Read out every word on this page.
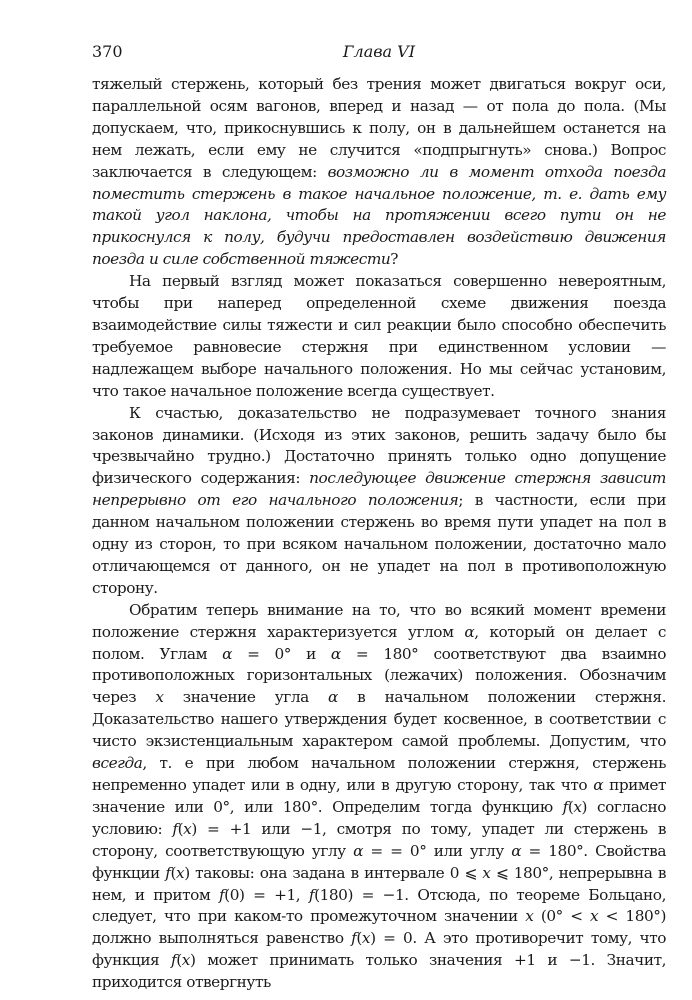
370	Глава VI

тяжелый стержень, который без трения может двигаться вокруг оси, параллельной осям вагонов, вперед и назад — от пола до пола. (Мы допускаем, что, прикоснувшись к полу, он в дальнейшем останется на нем лежать, если ему не случится «подпрыгнуть» снова.) Вопрос заключается в следующем: возможно ли в момент отхода поезда поместить стержень в такое начальное положение, т. е. дать ему такой угол наклона, чтобы на протяжении всего пути он не прикоснулся к полу, будучи предоставлен воздействию движения поезда и силе собственной тяжести?

На первый взгляд может показаться совершенно невероятным, чтобы при наперед определенной схеме движения поезда взаимодействие силы тяжести и сил реакции было способно обеспечить требуемое равновесие стержня при единственном условии — надлежащем выборе начального положения. Но мы сейчас установим, что такое начальное положение всегда существует.

К счастью, доказательство не подразумевает точного знания законов динамики. (Исходя из этих законов, решить задачу было бы чрезвычайно трудно.) Достаточно принять только одно допущение физического содержания: последующее движение стержня зависит непрерывно от его начального положения; в частности, если при данном начальном положении стержень во время пути упадет на пол в одну из сторон, то при всяком начальном положении, достаточно мало отличающемся от данного, он не упадет на пол в противоположную сторону.

Обратим теперь внимание на то, что во всякий момент времени положение стержня характеризуется углом α, который он делает с полом. Углам α = 0° и α = 180° соответствуют два взаимно противоположных горизонтальных (лежачих) положения. Обозначим через x значение угла α в начальном положении стержня. Доказательство нашего утверждения будет косвенное, в соответствии с чисто экзистенциальным характером самой проблемы. Допустим, что всегда, т. е при любом начальном положении стержня, стержень непременно упадет или в одну, или в другую сторону, так что α примет значение или 0°, или 180°. Определим тогда функцию f(x) согласно условию: f(x) = +1 или −1, смотря по тому, упадет ли стержень в сторону, соответствующую углу α = = 0° или углу α = 180°. Свойства функции f(x) таковы: она задана в интервале 0 ⩽ x ⩽ 180°, непрерывна в нем, и притом f(0) = +1, f(180) = −1. Отсюда, по теореме Больцано, следует, что при каком-то промежуточном значении x (0° < x < 180°) должно выполняться равенство f(x) = 0. А это противоречит тому, что функция f(x) может принимать только значения +1 и −1. Значит, приходится отвергнуть
